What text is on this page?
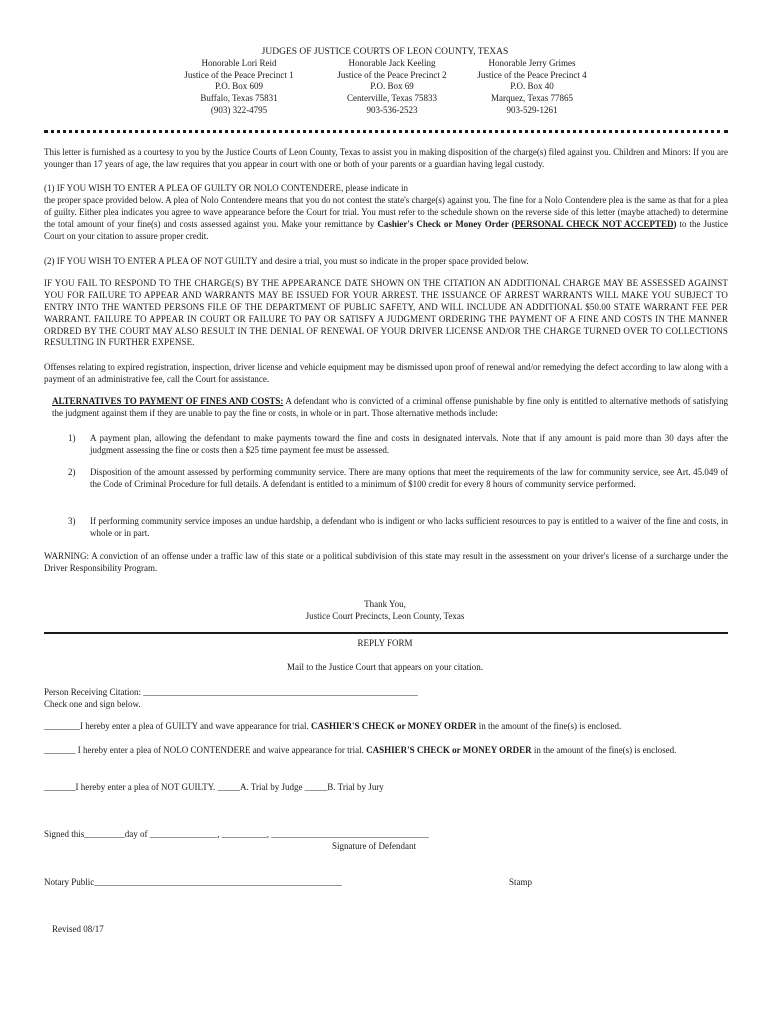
JUDGES OF JUSTICE COURTS OF LEON COUNTY, TEXAS
Honorable Lori Reid
Justice of the Peace Precinct 1
P.O. Box 609
Buffalo, Texas 75831
(903) 322-4795
Honorable Jack Keeling
Justice of the Peace Precinct 2
P.O. Box 69
Centerville, Texas 75833
903-536-2523
Honorable Jerry Grimes
Justice of the Peace Precinct 4
P.O. Box 40
Marquez, Texas 77865
903-529-1261
This letter is furnished as a courtesy to you by the Justice Courts of Leon County, Texas to assist you in making disposition of the charge(s) filed against you. Children and Minors: If you are younger than 17 years of age, the law requires that you appear in court with one or both of your parents or a guardian having legal custody.
(1) IF YOU WISH TO ENTER A PLEA OF GUILTY OR NOLO CONTENDERE, please indicate in
the proper space provided below. A plea of Nolo Contendere means that you do not contest the state's charge(s) against you. The fine for a Nolo Contendere plea is the same as that for a plea of guilty. Either plea indicates you agree to wave appearance before the Court for trial. You must refer to the schedule shown on the reverse side of this letter (maybe attached) to determine the total amount of your fine(s) and costs assessed against you. Make your remittance by Cashier's Check or Money Order (PERSONAL CHECK NOT ACCEPTED) to the Justice Court on your citation to assure proper credit.
(2) IF YOU WISH TO ENTER A PLEA OF NOT GUILTY and desire a trial, you must so indicate in the proper space provided below.
IF YOU FAIL TO RESPOND TO THE CHARGE(S) BY THE APPEARANCE DATE SHOWN ON THE CITATION AN ADDITIONAL CHARGE MAY BE ASSESSED AGAINST YOU FOR FAILURE TO APPEAR AND WARRANTS MAY BE ISSUED FOR YOUR ARREST. THE ISSUANCE OF ARREST WARRANTS WILL MAKE YOU SUBJECT TO ENTRY INTO THE WANTED PERSONS FILE OF THE DEPARTMENT OF PUBLIC SAFETY, AND WILL INCLUDE AN ADDITIONAL $50.00 STATE WARRANT FEE PER WARRANT. FAILURE TO APPEAR IN COURT OR FAILURE TO PAY OR SATISFY A JUDGMENT ORDERING THE PAYMENT OF A FINE AND COSTS IN THE MANNER ORDRED BY THE COURT MAY ALSO RESULT IN THE DENIAL OF RENEWAL OF YOUR DRIVER LICENSE AND/OR THE CHARGE TURNED OVER TO COLLECTIONS RESULTING IN FURTHER EXPENSE.
Offenses relating to expired registration, inspection, driver license and vehicle equipment may be dismissed upon proof of renewal and/or remedying the defect according to law along with a payment of an administrative fee, call the Court for assistance.
ALTERNATIVES TO PAYMENT OF FINES AND COSTS: A defendant who is convicted of a criminal offense punishable by fine only is entitled to alternative methods of satisfying the judgment against them if they are unable to pay the fine or costs, in whole or in part. Those alternative methods include:
1)	A payment plan, allowing the defendant to make payments toward the fine and costs in designated intervals. Note that if any amount is paid more than 30 days after the judgment assessing the fine or costs then a $25 time payment fee must be assessed.
2)	Disposition of the amount assessed by performing community service. There are many options that meet the requirements of the law for community service, see Art. 45.049 of the Code of Criminal Procedure for full details. A defendant is entitled to a minimum of $100 credit for every 8 hours of community service performed.
3)	If performing community service imposes an undue hardship, a defendant who is indigent or who lacks sufficient resources to pay is entitled to a waiver of the fine and costs, in whole or in part.
WARNING: A conviction of an offense under a traffic law of this state or a political subdivision of this state may result in the assessment on your driver's license of a surcharge under the Driver Responsibility Program.
Thank You,
Justice Court Precincts, Leon County, Texas
REPLY FORM
Mail to the Justice Court that appears on your citation.
Person Receiving Citation: _____________________________________________________________
Check one and sign below.
________I hereby enter a plea of GUILTY and wave appearance for trial. CASHIER'S CHECK or MONEY ORDER in the amount of the fine(s) is enclosed.
_______ I hereby enter a plea of NOLO CONTENDERE and waive appearance for trial. CASHIER'S CHECK or MONEY ORDER in the amount of the fine(s) is enclosed.
_______I hereby enter a plea of NOT GUILTY. _____A. Trial by Judge _____B. Trial by Jury
Signed this_________day of _______________, __________, ___________________________________
Signature of Defendant
Notary Public_______________________________________________________	Stamp
Revised 08/17
